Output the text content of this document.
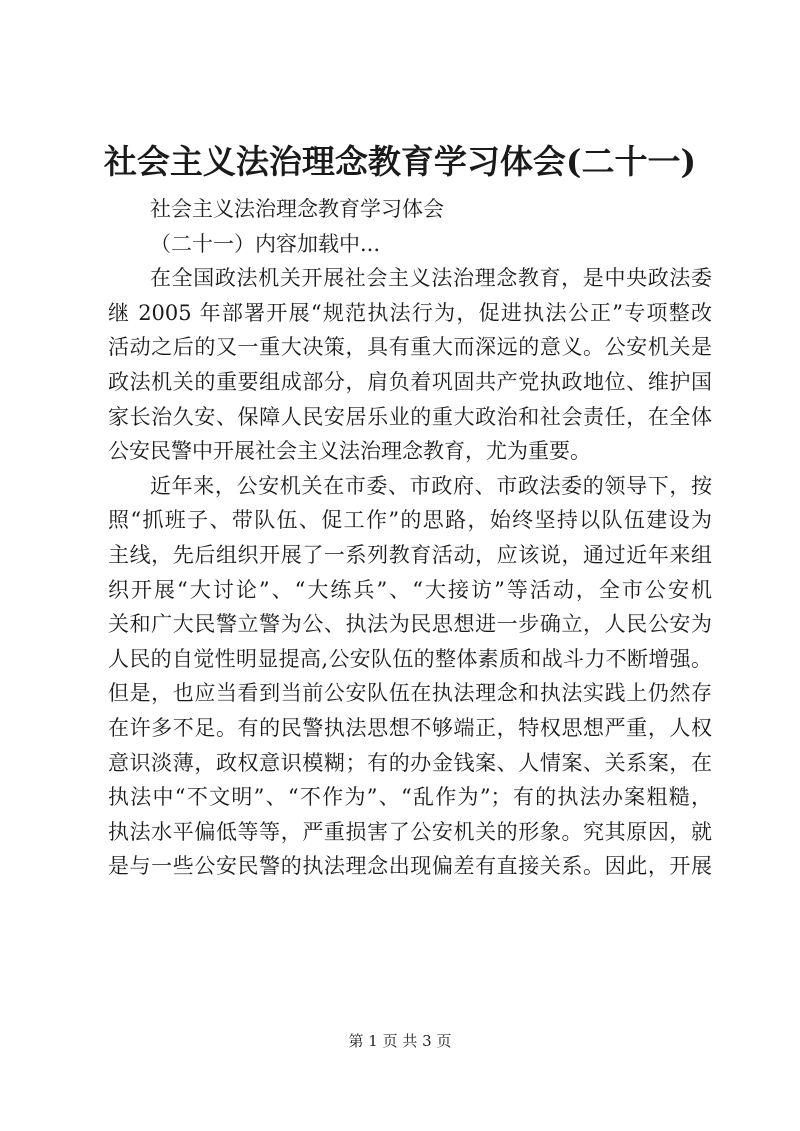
社会主义法治理念教育学习体会(二十一)
社会主义法治理念教育学习体会
（二十一）内容加载中...
在全国政法机关开展社会主义法治理念教育，是中央政法委
继 2005 年部署开展“规范执法行为，促进执法公正”专项整改
活动之后的又一重大决策，具有重大而深远的意义。公安机关是
政法机关的重要组成部分，肩负着巩固共产党执政地位、维护国
家长治久安、保障人民安居乐业的重大政治和社会责任，在全体
公安民警中开展社会主义法治理念教育，尤为重要。
近年来，公安机关在市委、市政府、市政法委的领导下，按
照“抓班子、带队伍、促工作”的思路，始终坚持以队伍建设为
主线，先后组织开展了一系列教育活动，应该说，通过近年来组
织开展“大讨论”、“大练兵”、“大接访”等活动，全市公安机
关和广大民警立警为公、执法为民思想进一步确立，人民公安为
人民的自觉性明显提高,公安队伍的整体素质和战斗力不断增强。
但是，也应当看到当前公安队伍在执法理念和执法实践上仍然存
在许多不足。有的民警执法思想不够端正，特权思想严重，人权
意识淡薄，政权意识模糊；有的办金钱案、人情案、关系案，在
执法中“不文明”、“不作为”、“乱作为”；有的执法办案粗糙，
执法水平偏低等等，严重损害了公安机关的形象。究其原因，就
是与一些公安民警的执法理念出现偏差有直接关系。因此，开展
第 1 页 共 3 页
